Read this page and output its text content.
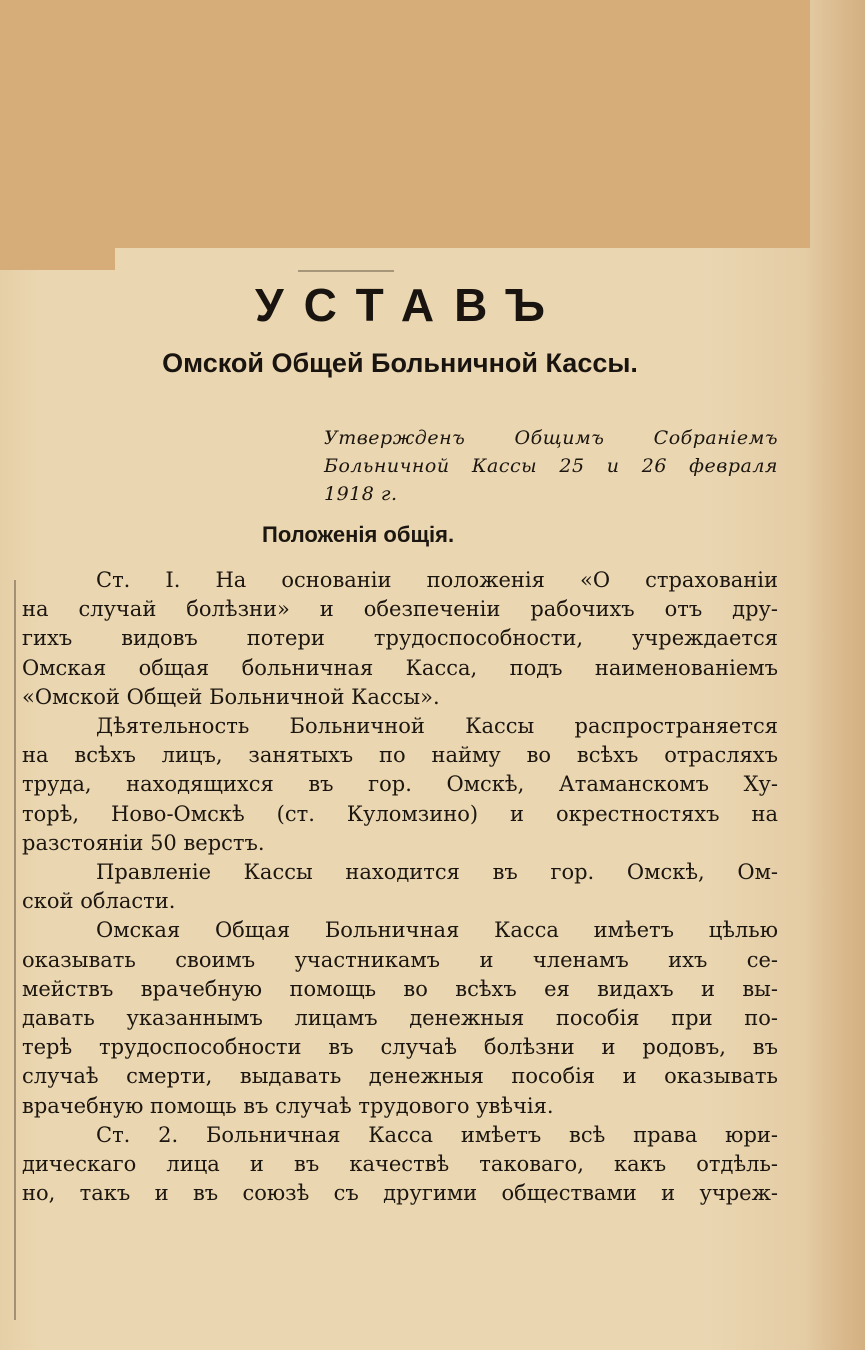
УСТАВЪ
Омской Общей Больничной Кассы.
Утвержденъ Общимъ Собраніемъ
Больничной Кассы 25 и 26 февраля
1918 г.
Положенія общія.
Ст. I. На основаніи положенія «О страхованіи
на случай болѣзни» и обезпеченіи рабочихъ отъ дру-
гихъ видовъ потери трудоспособности, учреждается
Омская общая больничная Касса, подъ наименованіемъ
«Омской Общей Больничной Кассы».
Дѣятельность Больничной Кассы распространяется
на всѣхъ лицъ, занятыхъ по найму во всѣхъ отрасляхъ
труда, находящихся въ гор. Омскѣ, Атаманскомъ Ху-
торѣ, Ново-Омскѣ (ст. Куломзино) и окрестностяхъ на
разстояніи 50 верстъ.
Правленіе Кассы находится въ гор. Омскѣ, Ом-
ской области.
Омская Общая Больничная Касса имѣетъ цѣлью
оказывать своимъ участникамъ и членамъ ихъ се-
мействъ врачебную помощь во всѣхъ ея видахъ и вы-
давать указаннымъ лицамъ денежныя пособія при по-
терѣ трудоспособности въ случаѣ болѣзни и родовъ, въ
случаѣ смерти, выдавать денежныя пособія и оказывать
врачебную помощь въ случаѣ трудового увѣчія.
Ст. 2. Больничная Касса имѣетъ всѣ права юри-
дическаго лица и въ качествѣ таковаго, какъ отдѣль-
но, такъ и въ союзѣ съ другими обществами и учреж-
